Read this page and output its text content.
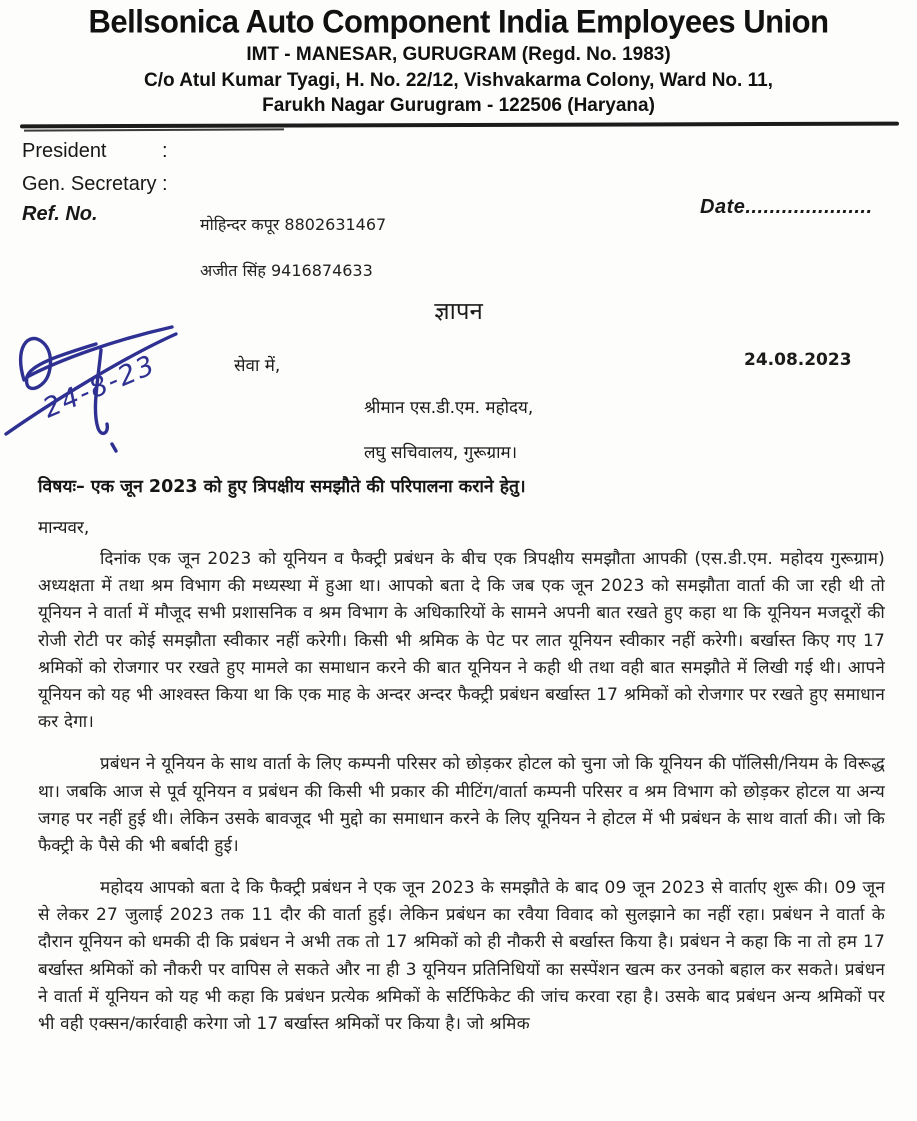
Bellsonica Auto Component India Employees Union
IMT - MANESAR, GURUGRAM (Regd. No. 1983)
C/o Atul Kumar Tyagi, H. No. 22/12, Vishvakarma Colony, Ward No. 11,
Farukh Nagar Gurugram - 122506 (Haryana)
President	:
Gen. Secretary :
Ref. No.	Date.....................
मोहिन्दर कपूर 8802631467
अजीत सिंह 9416874633
ज्ञापन
24-8-23	सेवा में,	24.08.2023
श्रीमान एस.डी.एम. महोदय,
लघु सचिवालय, गुरूग्राम।
विषयः– एक जून 2023 को हुए त्रिपक्षीय समझौते की परिपालना कराने हेतु।
मान्यवर,

दिनांक एक जून 2023 को यूनियन व फैक्ट्री प्रबंधन के बीच एक त्रिपक्षीय समझौता आपकी (एस.डी.एम. महोदय गुरूग्राम) अध्यक्षता में तथा श्रम विभाग की मध्यस्था में हुआ था। आपको बता दे कि जब एक जून 2023 को समझौता वार्ता की जा रही थी तो यूनियन ने वार्ता में मौजूद सभी प्रशासनिक व श्रम विभाग के अधिकारियों के सामने अपनी बात रखते हुए कहा था कि यूनियन मजदूरों की रोजी रोटी पर कोई समझौता स्वीकार नहीं करेगी। किसी भी श्रमिक के पेट पर लात यूनियन स्वीकार नहीं करेगी। बर्खास्त किए गए 17 श्रमिकों को रोजगार पर रखते हुए मामले का समाधान करने की बात यूनियन ने कही थी तथा वही बात समझौते में लिखी गई थी। आपने यूनियन को यह भी आश्वस्त किया था कि एक माह के अन्दर अन्दर फैक्ट्री प्रबंधन बर्खास्त 17 श्रमिकों को रोजगार पर रखते हुए समाधान कर देगा।

प्रबंधन ने यूनियन के साथ वार्ता के लिए कम्पनी परिसर को छोड़कर होटल को चुना जो कि यूनियन की पॉलिसी/नियम के विरूद्ध था। जबकि आज से पूर्व यूनियन व प्रबंधन की किसी भी प्रकार की मीटिंग/वार्ता कम्पनी परिसर व श्रम विभाग को छोड़कर होटल या अन्य जगह पर नहीं हुई थी। लेकिन उसके बावजूद भी मुद्दो का समाधान करने के लिए यूनियन ने होटल में भी प्रबंधन के साथ वार्ता की। जो कि फैक्ट्री के पैसे की भी बर्बादी हुई।

महोदय आपको बता दे कि फैक्ट्री प्रबंधन ने एक जून 2023 के समझौते के बाद 09 जून 2023 से वार्ताए शुरू की। 09 जून से लेकर 27 जुलाई 2023 तक 11 दौर की वार्ता हुई। लेकिन प्रबंधन का रवैया विवाद को सुलझाने का नहीं रहा। प्रबंधन ने वार्ता के दौरान यूनियन को धमकी दी कि प्रबंधन ने अभी तक तो 17 श्रमिकों को ही नौकरी से बर्खास्त किया है। प्रबंधन ने कहा कि ना तो हम 17 बर्खास्त श्रमिकों को नौकरी पर वापिस ले सकते और ना ही 3 यूनियन प्रतिनिधियों का सस्पेंशन खत्म कर उनको बहाल कर सकते। प्रबंधन ने वार्ता में यूनियन को यह भी कहा कि प्रबंधन प्रत्येक श्रमिकों के सर्टिफिकेट की जांच करवा रहा है। उसके बाद प्रबंधन अन्य श्रमिकों पर भी वही एक्सन/कार्रवाही करेगा जो 17 बर्खास्त श्रमिकों पर किया है। जो श्रमिक
